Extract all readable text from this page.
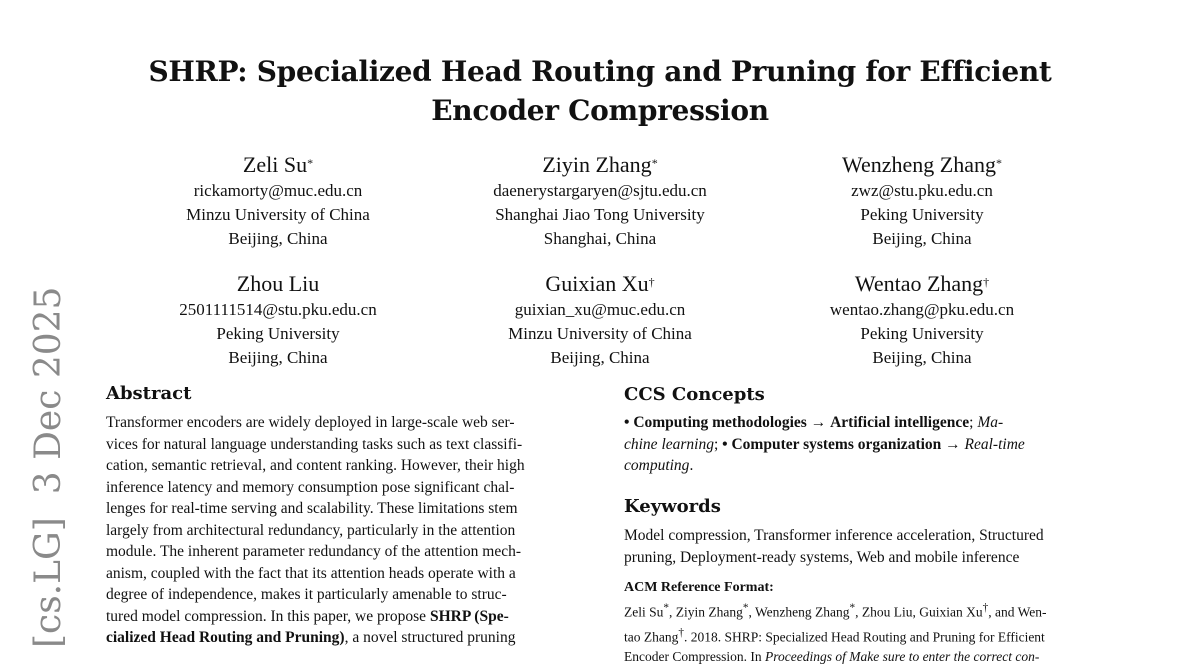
SHRP: Specialized Head Routing and Pruning for Efficient
Encoder Compression
Zeli Su*
rickamorty@muc.edu.cn
Minzu University of China
Beijing, China
Ziyin Zhang*
daenerystargaryen@sjtu.edu.cn
Shanghai Jiao Tong University
Shanghai, China
Wenzheng Zhang*
zwz@stu.pku.edu.cn
Peking University
Beijing, China
Zhou Liu
2501111514@stu.pku.edu.cn
Peking University
Beijing, China
Guixian Xu†
guixian_xu@muc.edu.cn
Minzu University of China
Beijing, China
Wentao Zhang†
wentao.zhang@pku.edu.cn
Peking University
Beijing, China
[cs.LG]  3 Dec 2025	Abstract

Transformer encoders are widely deployed in large-scale web ser-
vices for natural language understanding tasks such as text classifi-
cation, semantic retrieval, and content ranking. However, their high
inference latency and memory consumption pose significant chal-
lenges for real-time serving and scalability. These limitations stem
largely from architectural redundancy, particularly in the attention
module. The inherent parameter redundancy of the attention mech-
anism, coupled with the fact that its attention heads operate with a
degree of independence, makes it particularly amenable to struc-
tured model compression. In this paper, we propose SHRP (Spe-
cialized Head Routing and Pruning), a novel structured pruning

CCS Concepts

• Computing methodologies → Artificial intelligence; Ma-
chine learning; • Computer systems organization → Real-time
computing.

Keywords

Model compression, Transformer inference acceleration, Structured
pruning, Deployment-ready systems, Web and mobile inference

ACM Reference Format:

Zeli Su*, Ziyin Zhang*, Wenzheng Zhang*, Zhou Liu, Guixian Xu†, and Wen-
tao Zhang†. 2018. SHRP: Specialized Head Routing and Pruning for Efficient
Encoder Compression. In Proceedings of Make sure to enter the correct con-
